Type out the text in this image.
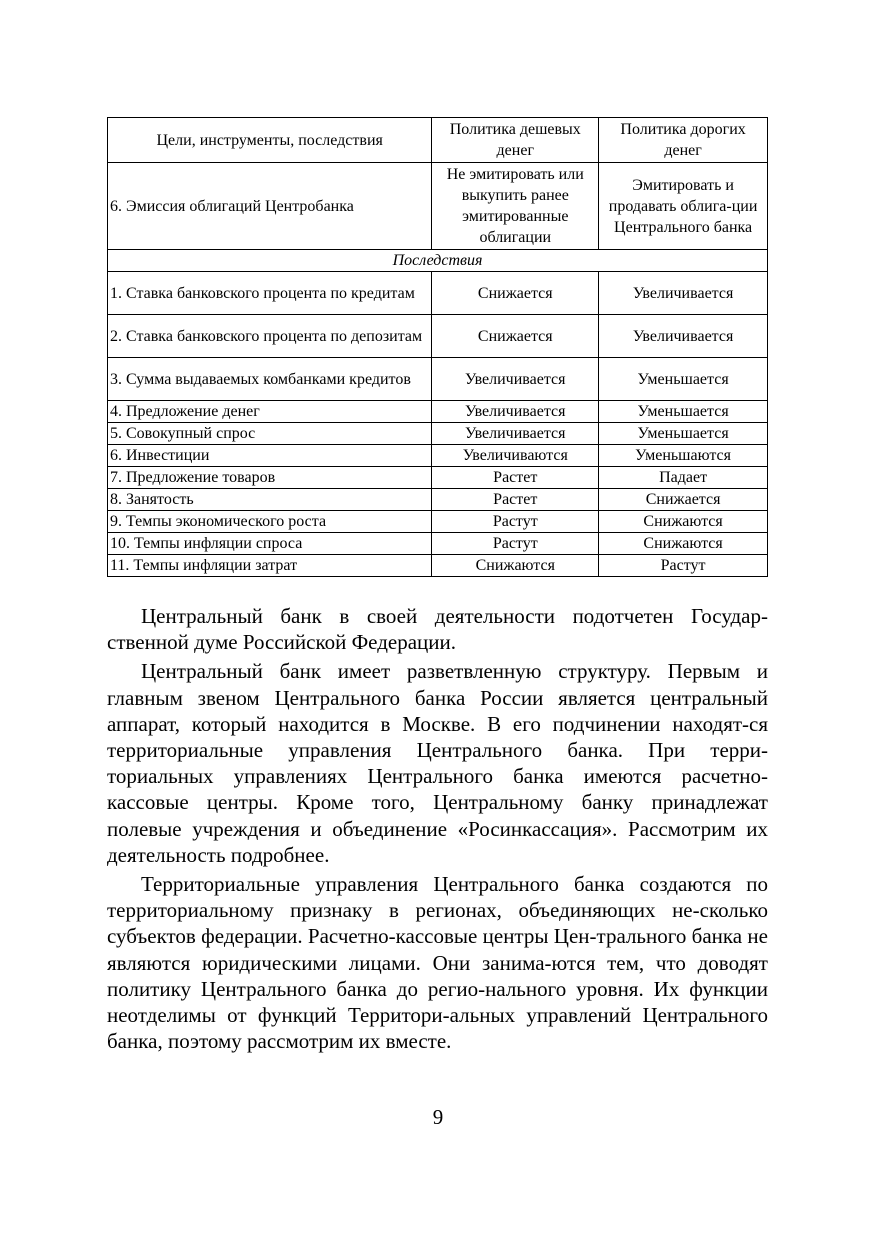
Цели, инструменты, последствия	Политика дешевых денег	Политика дорогих денег
6. Эмиссия облигаций Центробанка	Не эмитировать или выкупить ранее эмитированные облигации	Эмитировать и продавать облига-ции Центрального банка
Последствия		
1. Ставка банковского процента по кредитам	Снижается	Увеличивается
2. Ставка банковского процента по депозитам	Снижается	Увеличивается
3. Сумма выдаваемых комбанками кредитов	Увеличивается	Уменьшается
4. Предложение денег	Увеличивается	Уменьшается
5. Совокупный спрос	Увеличивается	Уменьшается
6. Инвестиции	Увеличиваются	Уменьшаются
7. Предложение товаров	Растет	Падает
8. Занятость	Растет	Снижается
9. Темпы экономического роста	Растут	Снижаются
10. Темпы инфляции спроса	Растут	Снижаются
11. Темпы инфляции затрат	Снижаются	Растут

Центральный банк в своей деятельности подотчетен Государ-ственной думе Российской Федерации.

Центральный банк имеет разветвленную структуру. Первым и главным звеном Центрального банка России является центральный аппарат, который находится в Москве. В его подчинении находят-ся территориальные управления Центрального банка. При терри-ториальных управлениях Центрального банка имеются расчетно-кассовые центры. Кроме того, Центральному банку принадлежат полевые учреждения и объединение «Росинкассация». Рассмотрим их деятельность подробнее.

Территориальные управления Центрального банка создаются по территориальному признаку в регионах, объединяющих не-сколько субъектов федерации. Расчетно-кассовые центры Цен-трального банка не являются юридическими лицами. Они занима-ются тем, что доводят политику Центрального банка до регио-нального уровня. Их функции неотделимы от функций Территори-альных управлений Центрального банка, поэтому рассмотрим их вместе.

9
